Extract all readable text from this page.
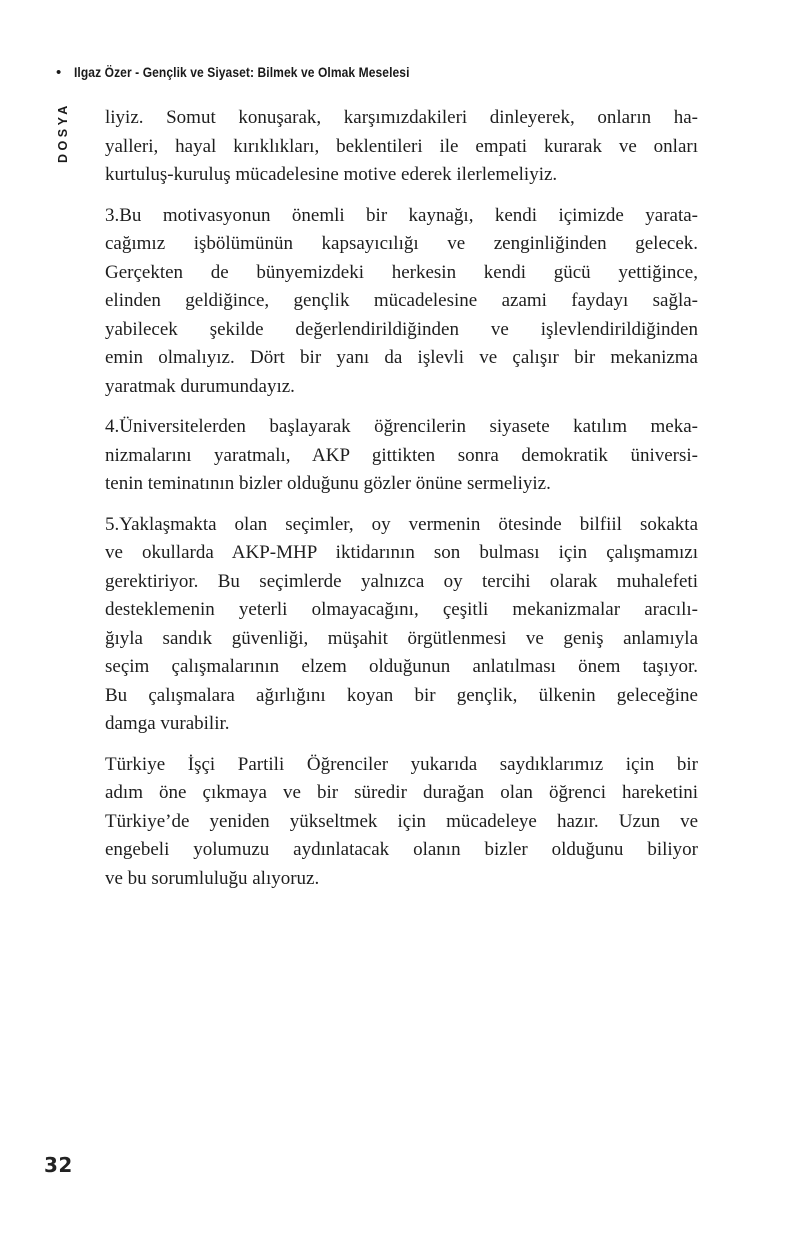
• Ilgaz Özer - Gençlik ve Siyaset: Bilmek ve Olmak Meselesi
DOSYA liyiz. Somut konuşarak, karşımızdakileri dinleyerek, onların ha-
yalleri, hayal kırıklıkları, beklentileri ile empati kurarak ve onları
kurtuluş-kuruluş mücadelesine motive ederek ilerlemeliyiz.
3.Bu motivasyonun önemli bir kaynağı, kendi içimizde yarata-
cağımız işbölümünün kapsayıcılığı ve zenginliğinden gelecek.
Gerçekten de bünyemizdeki herkesin kendi gücü yettiğince,
elinden geldiğince, gençlik mücadelesine azami faydayı sağla-
yabilecek şekilde değerlendirildiğinden ve işlevlendirildiğinden
emin olmalıyız. Dört bir yanı da işlevli ve çalışır bir mekanizma
yaratmak durumundayız.
4.Üniversitelerden başlayarak öğrencilerin siyasete katılım meka-
nizmalarını yaratmalı, AKP gittikten sonra demokratik üniversi-
tenin teminatının bizler olduğunu gözler önüne sermeliyiz.
5.Yaklaşmakta olan seçimler, oy vermenin ötesinde bilfiil sokakta
ve okullarda AKP-MHP iktidarının son bulması için çalışmamızı
gerektiriyor. Bu seçimlerde yalnızca oy tercihi olarak muhalefeti
desteklemenin yeterli olmayacağını, çeşitli mekanizmalar aracılı-
ğıyla sandık güvenliği, müşahit örgütlenmesi ve geniş anlamıyla
seçim çalışmalarının elzem olduğunun anlatılması önem taşıyor.
Bu çalışmalara ağırlığını koyan bir gençlik, ülkenin geleceğine
damga vurabilir.
Türkiye İşçi Partili Öğrenciler yukarıda saydıklarımız için bir
adım öne çıkmaya ve bir süredir durağan olan öğrenci hareketini
Türkiye’de yeniden yükseltmek için mücadeleye hazır. Uzun ve
engebeli yolumuzu aydınlatacak olanın bizler olduğunu biliyor
ve bu sorumluluğu alıyoruz.
32
